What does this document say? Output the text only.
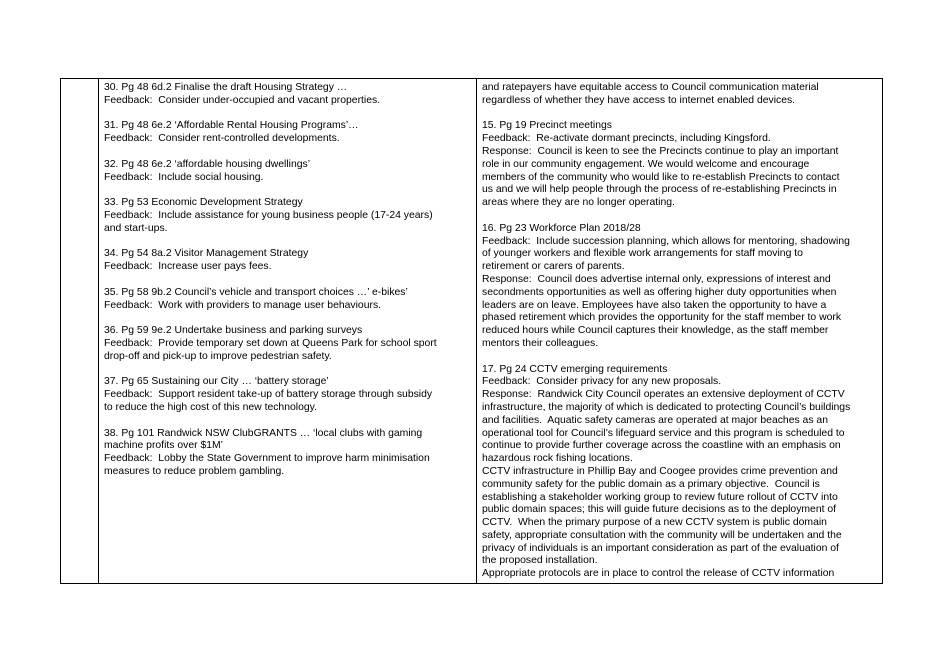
30. Pg 48 6d.2 Finalise the draft Housing Strategy …
Feedback:  Consider under-occupied and vacant properties.
31. Pg 48 6e.2 ‘Affordable Rental Housing Programs’…
Feedback:  Consider rent-controlled developments.
32. Pg 48 6e.2 ‘affordable housing dwellings’
Feedback:  Include social housing.
33. Pg 53 Economic Development Strategy
Feedback:  Include assistance for young business people (17-24 years)
and start-ups.
34. Pg 54 8a.2 Visitor Management Strategy
Feedback:  Increase user pays fees.
35. Pg 58 9b.2 Council’s vehicle and transport choices …’ e-bikes’
Feedback:  Work with providers to manage user behaviours.
36. Pg 59 9e.2 Undertake business and parking surveys
Feedback:  Provide temporary set down at Queens Park for school sport
drop-off and pick-up to improve pedestrian safety.
37. Pg 65 Sustaining our City … ‘battery storage’
Feedback:  Support resident take-up of battery storage through subsidy
to reduce the high cost of this new technology.
38. Pg 101 Randwick NSW ClubGRANTS … ‘local clubs with gaming
machine profits over $1M’
Feedback:  Lobby the State Government to improve harm minimisation
measures to reduce problem gambling.

and ratepayers have equitable access to Council communication material
regardless of whether they have access to internet enabled devices.
15. Pg 19 Precinct meetings
Feedback:  Re-activate dormant precincts, including Kingsford.
Response:  Council is keen to see the Precincts continue to play an important
role in our community engagement. We would welcome and encourage
members of the community who would like to re-establish Precincts to contact
us and we will help people through the process of re-establishing Precincts in
areas where they are no longer operating.
16. Pg 23 Workforce Plan 2018/28
Feedback:  Include succession planning, which allows for mentoring, shadowing
of younger workers and flexible work arrangements for staff moving to
retirement or carers of parents.
Response:  Council does advertise internal only, expressions of interest and
secondments opportunities as well as offering higher duty opportunities when
leaders are on leave. Employees have also taken the opportunity to have a
phased retirement which provides the opportunity for the staff member to work
reduced hours while Council captures their knowledge, as the staff member
mentors their colleagues.
17. Pg 24 CCTV emerging requirements
Feedback:  Consider privacy for any new proposals.
Response:  Randwick City Council operates an extensive deployment of CCTV
infrastructure, the majority of which is dedicated to protecting Council’s buildings
and facilities.  Aquatic safety cameras are operated at major beaches as an
operational tool for Council’s lifeguard service and this program is scheduled to
continue to provide further coverage across the coastline with an emphasis on
hazardous rock fishing locations.
CCTV infrastructure in Phillip Bay and Coogee provides crime prevention and
community safety for the public domain as a primary objective.  Council is
establishing a stakeholder working group to review future rollout of CCTV into
public domain spaces; this will guide future decisions as to the deployment of
CCTV.  When the primary purpose of a new CCTV system is public domain
safety, appropriate consultation with the community will be undertaken and the
privacy of individuals is an important consideration as part of the evaluation of
the proposed installation.
Appropriate protocols are in place to control the release of CCTV information
